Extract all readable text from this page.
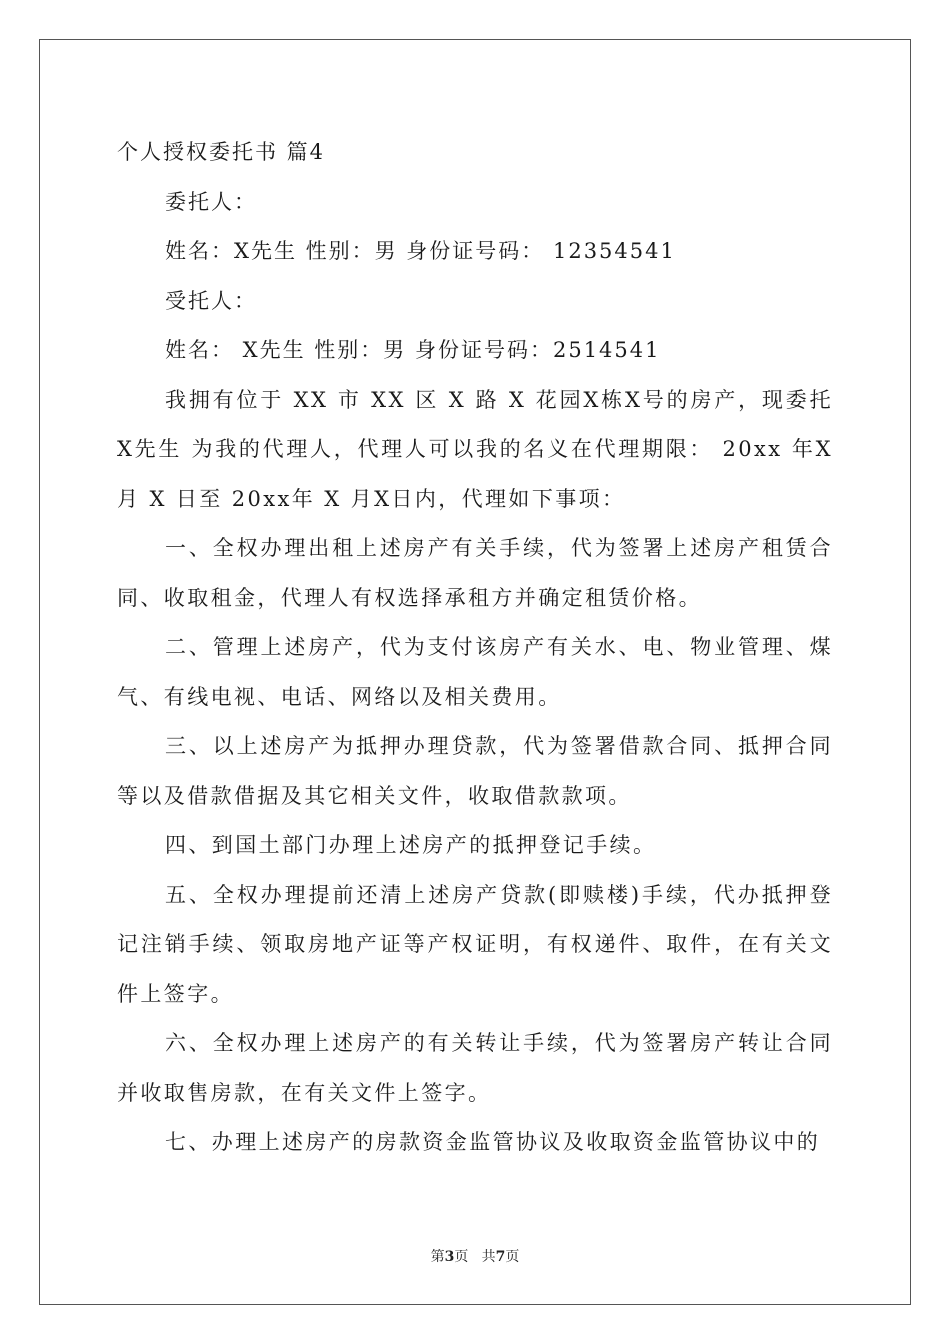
个人授权委托书 篇4
委托人：
姓名：X先生 性别：男 身份证号码： 12354541
受托人：
姓名： X先生 性别：男 身份证号码：2514541

我拥有位于 XX 市 XX 区 X 路 X 花园X栋X号的房产，现委托X先生 为我的代理人，代理人可以我的名义在代理期限： 20xx 年X月 X 日至 20xx年 X 月X日内，代理如下事项：

一、全权办理出租上述房产有关手续，代为签署上述房产租赁合同、收取租金，代理人有权选择承租方并确定租赁价格。

二、管理上述房产，代为支付该房产有关水、电、物业管理、煤气、有线电视、电话、网络以及相关费用。

三、以上述房产为抵押办理贷款，代为签署借款合同、抵押合同等以及借款借据及其它相关文件，收取借款款项。

四、到国土部门办理上述房产的抵押登记手续。

五、全权办理提前还清上述房产贷款(即赎楼)手续，代办抵押登记注销手续、领取房地产证等产权证明，有权递件、取件，在有关文件上签字。

六、全权办理上述房产的有关转让手续，代为签署房产转让合同并收取售房款，在有关文件上签字。

七、办理上述房产的房款资金监管协议及收取资金监管协议中的

第3页 共7页
